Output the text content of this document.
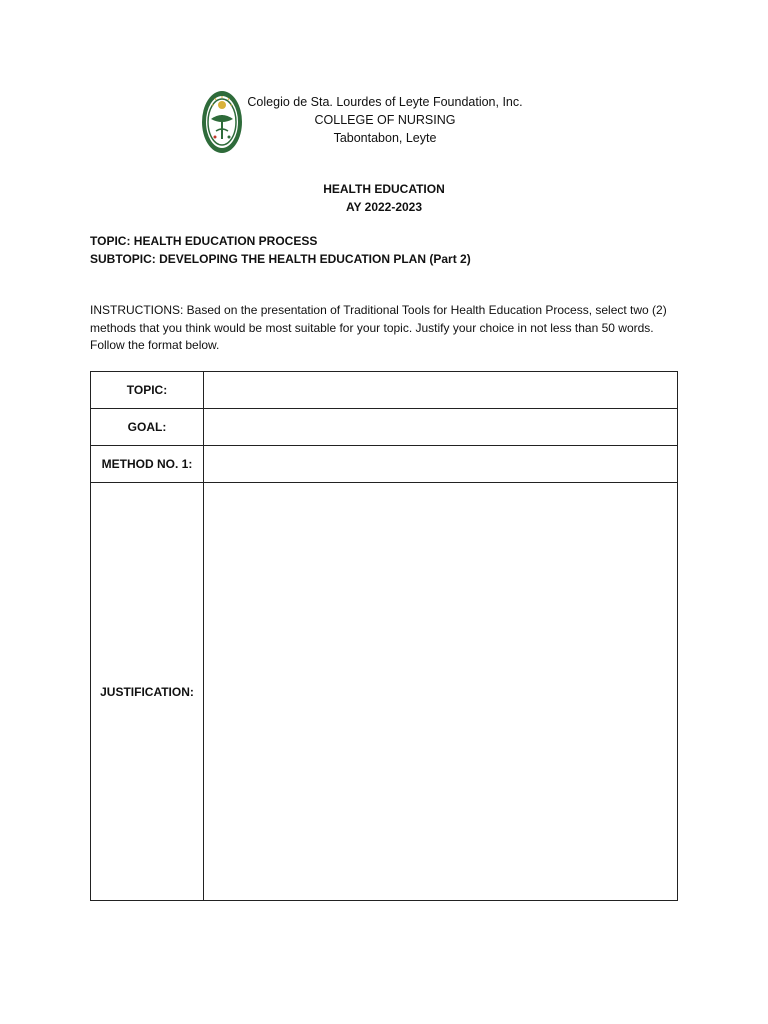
Colegio de Sta. Lourdes of Leyte Foundation, Inc.
COLLEGE OF NURSING
Tabontabon, Leyte
HEALTH EDUCATION
AY 2022-2023
TOPIC: HEALTH EDUCATION PROCESS
SUBTOPIC: DEVELOPING THE HEALTH EDUCATION PLAN (Part 2)
INSTRUCTIONS: Based on the presentation of Traditional Tools for Health Education Process, select two (2) methods that you think would be most suitable for your topic. Justify your choice in not less than 50 words. Follow the format below.
TOPIC:	
GOAL:	
METHOD NO. 1:	
JUSTIFICATION:	
